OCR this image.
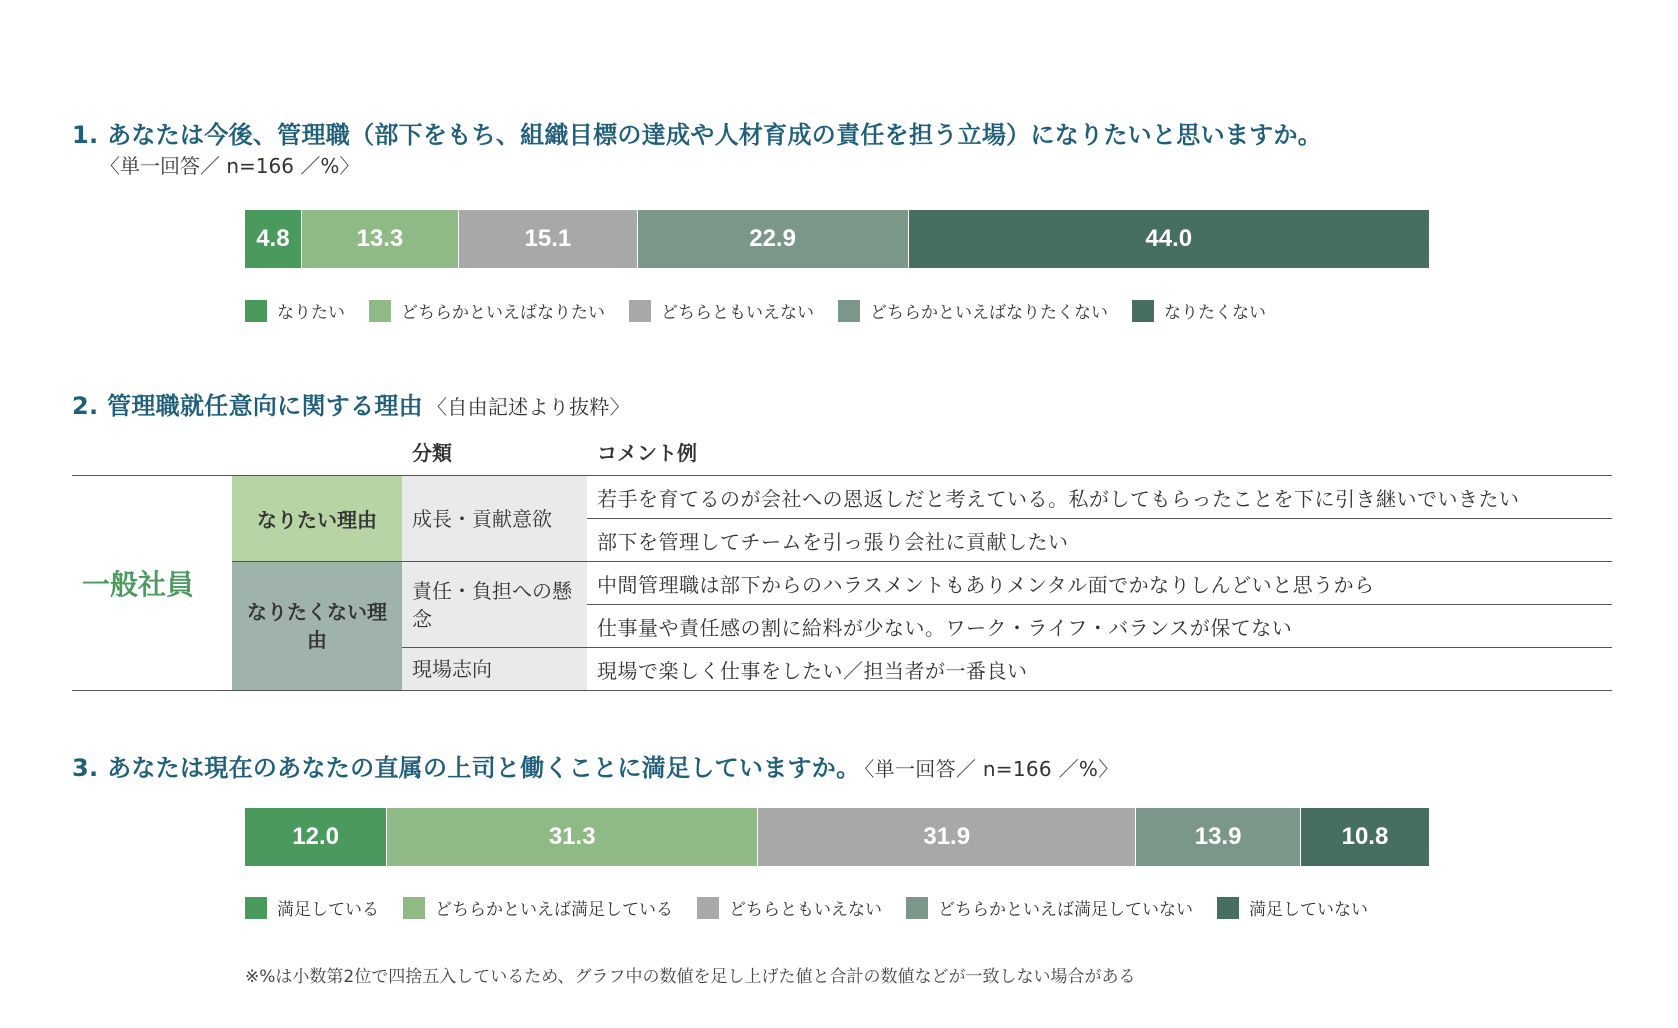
1. あなたは今後、管理職（部下をもち、組織目標の達成や人材育成の責任を担う立場）になりたいと思いますか。
〈単一回答／ n=166 ／%〉
4.8	13.3	15.1	22.9	44.0
なりたい	どちらかといえばなりたい	どちらともいえない	どちらかといえばなりたくない	なりたくない
2. 管理職就任意向に関する理由 〈自由記述より抜粋〉
		分類	コメント例
一般社員	なりたい理由	成長・貢献意欲	若手を育てるのが会社への恩返しだと考えている。私がしてもらったことを下に引き継いでいきたい
			部下を管理してチームを引っ張り会社に貢献したい
	なりたくない理由	責任・負担への懸念	中間管理職は部下からのハラスメントもありメンタル面でかなりしんどいと思うから
			仕事量や責任感の割に給料が少ない。ワーク・ライフ・バランスが保てない
		現場志向	現場で楽しく仕事をしたい／担当者が一番良い
3. あなたは現在のあなたの直属の上司と働くことに満足していますか。 〈単一回答／ n=166 ／%〉
12.0	31.3	31.9	13.9	10.8
満足している	どちらかといえば満足している	どちらともいえない	どちらかといえば満足していない	満足していない
※%は小数第2位で四捨五入しているため、グラフ中の数値を足し上げた値と合計の数値などが一致しない場合がある
